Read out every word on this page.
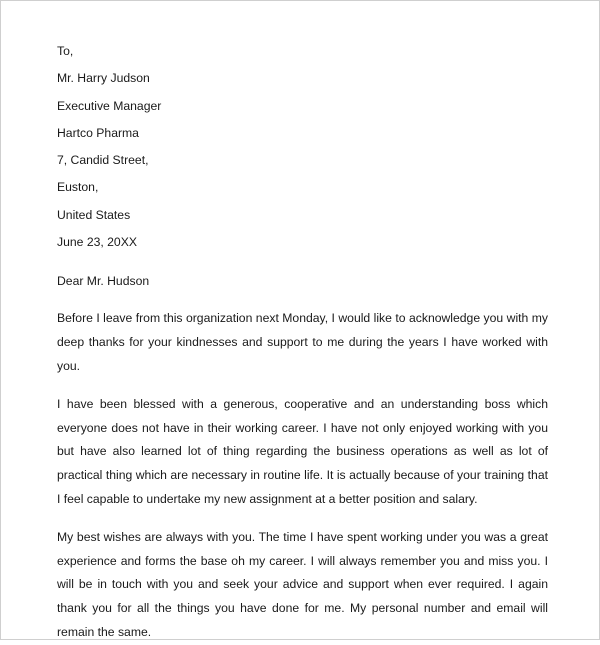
To,
Mr. Harry Judson
Executive Manager
Hartco Pharma
7, Candid Street,
Euston,
United States
June 23, 20XX
Dear Mr. Hudson

Before I leave from this organization next Monday, I would like to acknowledge you with my deep thanks for your kindnesses and support to me during the years I have worked with you.

I have been blessed with a generous, cooperative and an understanding boss which everyone does not have in their working career. I have not only enjoyed working with you but have also learned lot of thing regarding the business operations as well as lot of practical thing which are necessary in routine life. It is actually because of your training that I feel capable to undertake my new assignment at a better position and salary.

My best wishes are always with you. The time I have spent working under you was a great experience and forms the base oh my career. I will always remember you and miss you. I will be in touch with you and seek your advice and support when ever required. I again thank you for all the things you have done for me. My personal number and email will remain the same.
